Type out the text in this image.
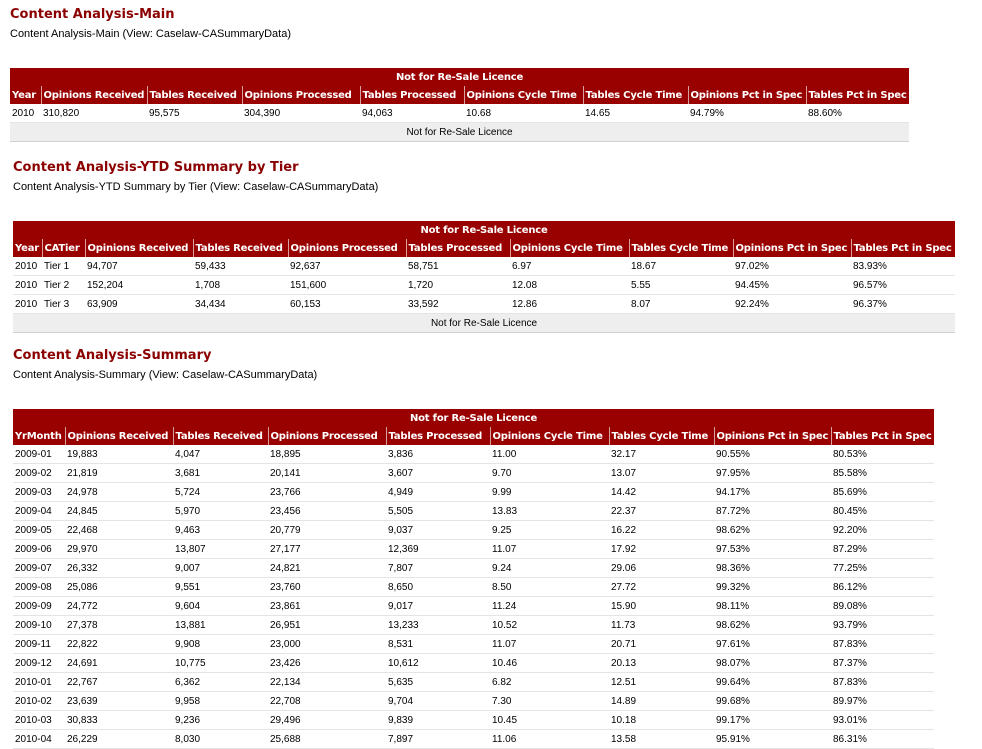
Content Analysis-Main

Content Analysis-Main (View: Caselaw-CASummaryData)

Not for Re-Sale Licence								
Year	Opinions Received	Tables Received	Opinions Processed	Tables Processed	Opinions Cycle Time	Tables Cycle Time	Opinions Pct in Spec	Tables Pct in Spec
2010	310,820	95,575	304,390	94,063	10.68	14.65	94.79%	88.60%
Not for Re-Sale Licence								
Content Analysis-YTD Summary by Tier

Content Analysis-YTD Summary by Tier (View: Caselaw-CASummaryData)

Not for Re-Sale Licence									
Year	CATier	Opinions Received	Tables Received	Opinions Processed	Tables Processed	Opinions Cycle Time	Tables Cycle Time	Opinions Pct in Spec	Tables Pct in Spec
2010	Tier 1	94,707	59,433	92,637	58,751	6.97	18.67	97.02%	83.93%
2010	Tier 2	152,204	1,708	151,600	1,720	12.08	5.55	94.45%	96.57%
2010	Tier 3	63,909	34,434	60,153	33,592	12.86	8.07	92.24%	96.37%
Not for Re-Sale Licence									
Content Analysis-Summary

Content Analysis-Summary (View: Caselaw-CASummaryData)

Not for Re-Sale Licence								
YrMonth	Opinions Received	Tables Received	Opinions Processed	Tables Processed	Opinions Cycle Time	Tables Cycle Time	Opinions Pct in Spec	Tables Pct in Spec
2009-01	19,883	4,047	18,895	3,836	11.00	32.17	90.55%	80.53%
2009-02	21,819	3,681	20,141	3,607	9.70	13.07	97.95%	85.58%
2009-03	24,978	5,724	23,766	4,949	9.99	14.42	94.17%	85.69%
2009-04	24,845	5,970	23,456	5,505	13.83	22.37	87.72%	80.45%
2009-05	22,468	9,463	20,779	9,037	9.25	16.22	98.62%	92.20%
2009-06	29,970	13,807	27,177	12,369	11.07	17.92	97.53%	87.29%
2009-07	26,332	9,007	24,821	7,807	9.24	29.06	98.36%	77.25%
2009-08	25,086	9,551	23,760	8,650	8.50	27.72	99.32%	86.12%
2009-09	24,772	9,604	23,861	9,017	11.24	15.90	98.11%	89.08%
2009-10	27,378	13,881	26,951	13,233	10.52	11.73	98.62%	93.79%
2009-11	22,822	9,908	23,000	8,531	11.07	20.71	97.61%	87.83%
2009-12	24,691	10,775	23,426	10,612	10.46	20.13	98.07%	87.37%
2010-01	22,767	6,362	22,134	5,635	6.82	12.51	99.64%	87.83%
2010-02	23,639	9,958	22,708	9,704	7.30	14.89	99.68%	89.97%
2010-03	30,833	9,236	29,496	9,839	10.45	10.18	99.17%	93.01%
2010-04	26,229	8,030	25,688	7,897	11.06	13.58	95.91%	86.31%
